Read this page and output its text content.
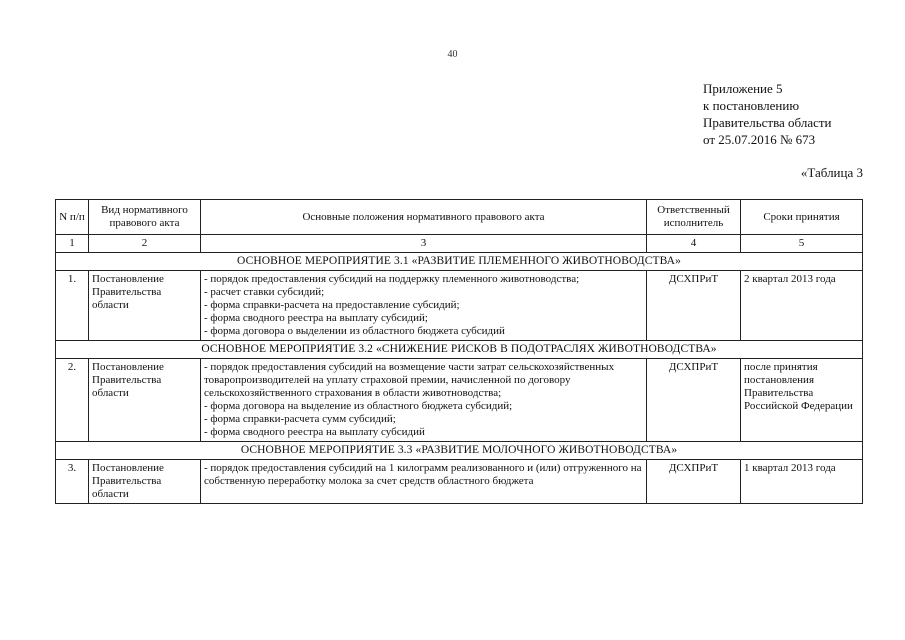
40
Приложение 5
к постановлению
Правительства области
от 25.07.2016 № 673
«Таблица 3
N п/п	Вид нормативного правового акта	Основные положения нормативного правового акта	Ответственный исполнитель	Сроки принятия
1	2	3	4	5
ОСНОВНОЕ МЕРОПРИЯТИЕ 3.1 «РАЗВИТИЕ ПЛЕМЕННОГО ЖИВОТНОВОДСТВА»				
1.	Постановление Правительства области	- порядок предоставления субсидий на поддержку племенного животноводства;
- расчет ставки субсидий;
- форма справки-расчета на предоставление субсидий;
- форма сводного реестра на выплату субсидий;
- форма договора о выделении из областного бюджета субсидий	ДСХПРиТ	2 квартал 2013 года
ОСНОВНОЕ МЕРОПРИЯТИЕ 3.2 «СНИЖЕНИЕ РИСКОВ В ПОДОТРАСЛЯХ ЖИВОТНОВОДСТВА»				
2.	Постановление Правительства области	- порядок предоставления субсидий на возмещение части затрат сельскохозяйственных товаропроизводителей на уплату страховой премии, начисленной по договору сельскохозяйственного страхования в области животноводства;
- форма договора на выделение из областного бюджета субсидий;
- форма справки-расчета сумм субсидий;
- форма сводного реестра на выплату субсидий	ДСХПРиТ	после принятия постановления Правительства Российской Федерации
ОСНОВНОЕ МЕРОПРИЯТИЕ 3.3 «РАЗВИТИЕ МОЛОЧНОГО ЖИВОТНОВОДСТВА»				
3.	Постановление Правительства области	- порядок предоставления субсидий на 1 килограмм реализованного и (или) отгруженного на собственную переработку молока за счет средств областного бюджета	ДСХПРиТ	1 квартал 2013 года
